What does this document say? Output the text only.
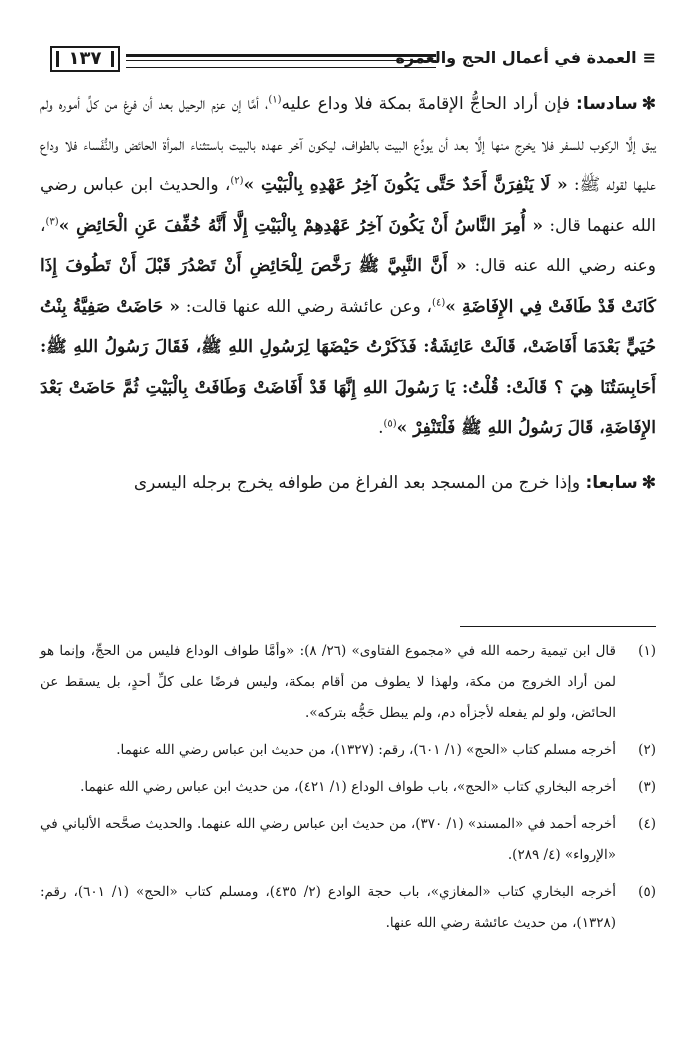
≡العمدة في أعمال الحج والعمرة
١٣٧

✻سادسا: فإن أراد الحاجُّ الإقامةَ بمكة فلا وداع عليه$^{(١)}$، أمَّا إن عزم الرحيل بعد أن فرغ من كلِّ أموره ولم يبق إلَّا الركوب للسفر فلا يخرج منها إلَّا بعد أن يودِّع البيت بالطواف، ليكون آخر عهده بالبيت باستثناء المرأة الحائض والنُّفَساء فلا وداع عليها لقوله ﷺ: « لَا يَنْفِرَنَّ أَحَدٌ حَتَّى يَكُونَ آخِرُ عَهْدِهِ بِالْبَيْتِ »$^{(٢)}$، والحديث ابن عباس رضي الله عنهما قال: « أُمِرَ النَّاسُ أَنْ يَكُونَ آخِرُ عَهْدِهِمْ بِالْبَيْتِ إِلَّا أَنَّهُ خُفِّفَ عَنِ الْحَائِضِ »$^{(٣)}$، وعنه رضي الله عنه قال: « أَنَّ النَّبِيَّ ﷺ رَخَّصَ لِلْحَائِضِ أَنْ تَصْدُرَ قَبْلَ أَنْ تَطُوفَ إِذَا كَانَتْ قَدْ طَافَتْ فِي الإِفَاضَةِ »$^{(٤)}$، وعن عائشة رضي الله عنها قالت: « حَاضَتْ صَفِيَّةُ بِنْتُ حُيَيٍّ بَعْدَمَا أَفَاضَتْ، قَالَتْ عَائِشَةُ: فَذَكَرْتُ حَيْضَهَا لِرَسُولِ اللهِ ﷺ، فَقَالَ رَسُولُ اللهِ ﷺ: أَحَابِسَتُنَا هِيَ ؟ قَالَتْ: قُلْتُ: يَا رَسُولَ اللهِ إِنَّهَا قَدْ أَفَاضَتْ وَطَافَتْ بِالْبَيْتِ ثُمَّ حَاضَتْ بَعْدَ الإِفَاضَةِ، قَالَ رَسُولُ اللهِ ﷺ فَلْتَنْفِرْ »$^{(٥)}$.

✻سابعا: وإذا خرج من المسجد بعد الفراغ من طوافه يخرج برجله اليسرى

(١)
قال ابن تيمية رحمه الله في «مجموع الفتاوى» (٢٦/ ٨): «وأمَّا طواف الوداع فليس من الحجِّ، وإنما هو لمن أراد الخروج من مكة، ولهذا لا يطوف من أقام بمكة، وليس فرضًا على كلِّ أحدٍ، بل يسقط عن الحائض، ولو لم يفعله لأجزأه دم، ولم يبطل حَجُّه بتركه».
(٢)
أخرجه مسلم كتاب «الحج» (١/ ٦٠١)، رقم: (١٣٢٧)، من حديث ابن عباس رضي الله عنهما.
(٣)
أخرجه البخاري كتاب «الحج»، باب طواف الوداع (١/ ٤٢١)، من حديث ابن عباس رضي الله عنهما.
(٤)
أخرجه أحمد في «المسند» (١/ ٣٧٠)، من حديث ابن عباس رضي الله عنهما. والحديث صحَّحه الألباني في «الإرواء» (٤/ ٢٨٩).
(٥)
أخرجه البخاري كتاب «المغازي»، باب حجة الوادع (٢/ ٤٣٥)، ومسلم كتاب «الحج» (١/ ٦٠١)، رقم: (١٣٢٨)، من حديث عائشة رضي الله عنها.
